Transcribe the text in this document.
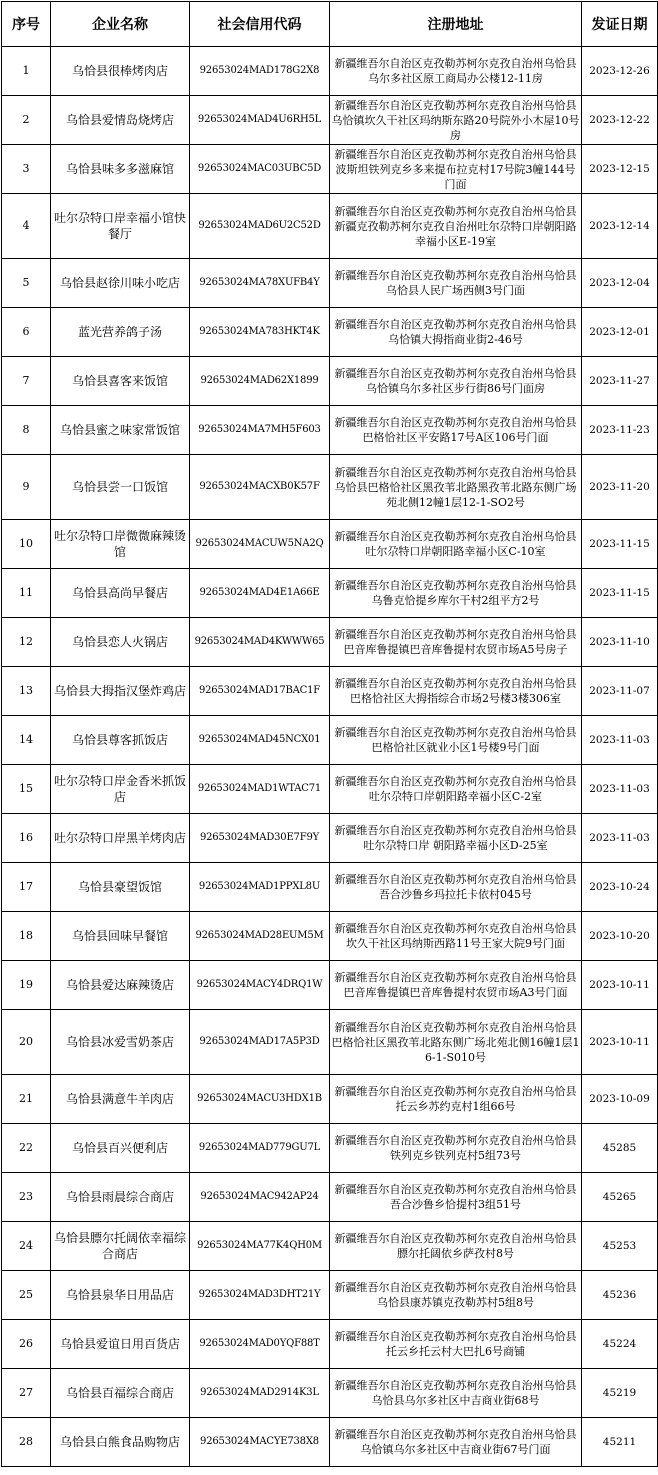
序号	企业名称	社会信用代码	注册地址	发证日期
1	乌恰县很棒烤肉店	92653024MAD178G2X8	新疆维吾尔自治区克孜勒苏柯尔克孜自治州乌恰县乌尔多社区原工商局办公楼12-11房	2023-12-26
2	乌恰县爱情岛烧烤店	92653024MAD4U6RH5L	新疆维吾尔自治区克孜勒苏柯尔克孜自治州乌恰县乌恰镇坎久干社区玛纳斯东路20号院外小木屋10号房	2023-12-22
3	乌恰县味多多滋麻馆	92653024MAC03UBC5D	新疆维吾尔自治区克孜勒苏柯尔克孜自治州乌恰县波斯坦铁列克乡多来提布拉克村17号院3幢144号门面	2023-12-15
4	吐尔尕特口岸幸福小馆快餐厅	92653024MAD6U2C52D	新疆维吾尔自治区克孜勒苏柯尔克孜自治州乌恰县新疆克孜勒苏柯尔克孜自治州吐尔尕特口岸朝阳路幸福小区E-19室	2023-12-14
5	乌恰县赵徐川味小吃店	92653024MA78XUFB4Y	新疆维吾尔自治区克孜勒苏柯尔克孜自治州乌恰县乌恰县人民广场西侧3号门面	2023-12-04
6	蓝光营养鸽子汤	92653024MA783HKT4K	新疆维吾尔自治区克孜勒苏柯尔克孜自治州乌恰县乌恰镇大拇指商业街2-46号	2023-12-01
7	乌恰县喜客来饭馆	92653024MAD62X1899	新疆维吾尔自治区克孜勒苏柯尔克孜自治州乌恰县乌恰镇乌尔多社区步行街86号门面房	2023-11-27
8	乌恰县蜜之味家常饭馆	92653024MA7MH5F603	新疆维吾尔自治区克孜勒苏柯尔克孜自治州乌恰县巴格恰社区平安路17号A区106号门面	2023-11-23
9	乌恰县尝一口饭馆	92653024MACXB0K57F	新疆维吾尔自治区克孜勒苏柯尔克孜自治州乌恰县乌恰县巴格恰社区黑孜苇北路黑孜苇北路东侧广场苑北侧12幢1层12-1-SO2号	2023-11-20
10	吐尔尕特口岸微微麻辣烫馆	92653024MACUW5NA2Q	新疆维吾尔自治区克孜勒苏柯尔克孜自治州乌恰县吐尔尕特口岸朝阳路幸福小区C-10室	2023-11-15
11	乌恰县高尚早餐店	92653024MAD4E1A66E	新疆维吾尔自治区克孜勒苏柯尔克孜自治州乌恰县乌鲁克恰提乡库尔干村2组平方2号	2023-11-15
12	乌恰县恋人火锅店	92653024MAD4KWWW65	新疆维吾尔自治区克孜勒苏柯尔克孜自治州乌恰县巴音库鲁提镇巴音库鲁提村农贸市场A5号房子	2023-11-10
13	乌恰县大拇指汉堡炸鸡店	92653024MAD17BAC1F	新疆维吾尔自治区克孜勒苏柯尔克孜自治州乌恰县巴格恰社区大拇指综合市场2号楼3楼306室	2023-11-07
14	乌恰县尊客抓饭店	92653024MAD45NCX01	新疆维吾尔自治区克孜勒苏柯尔克孜自治州乌恰县巴格恰社区就业小区1号楼9号门面	2023-11-03
15	吐尔尕特口岸金香米抓饭店	92653024MAD1WTAC71	新疆维吾尔自治区克孜勒苏柯尔克孜自治州乌恰县吐尔尕特口岸朝阳路幸福小区C-2室	2023-11-03
16	吐尔尕特口岸黑羊烤肉店	92653024MAD30E7F9Y	新疆维吾尔自治区克孜勒苏柯尔克孜自治州乌恰县吐尔尕特口岸 朝阳路幸福小区D-25室	2023-11-03
17	乌恰县豪望饭馆	92653024MAD1PPXL8U	新疆维吾尔自治区克孜勒苏柯尔克孜自治州乌恰县吾合沙鲁乡玛拉托卡依村045号	2023-10-24
18	乌恰县回味早餐馆	92653024MAD28EUM5M	新疆维吾尔自治区克孜勒苏柯尔克孜自治州乌恰县坎久干社区玛纳斯西路11号王家大院9号门面	2023-10-20
19	乌恰县爱达麻辣烫店	92653024MACY4DRQ1W	新疆维吾尔自治区克孜勒苏柯尔克孜自治州乌恰县巴音库鲁提镇巴音库鲁提村农贸市场A3号门面	2023-10-11
20	乌恰县冰爱雪奶茶店	92653024MAD17A5P3D	新疆维吾尔自治区克孜勒苏柯尔克孜自治州乌恰县巴格恰社区黑孜苇北路东侧广场北苑北侧16幢1层16-1-S010号	2023-10-11
21	乌恰县满意牛羊肉店	92653024MACU3HDX1B	新疆维吾尔自治区克孜勒苏柯尔克孜自治州乌恰县托云乡苏约克村1组66号	2023-10-09
22	乌恰县百兴便利店	92653024MAD779GU7L	新疆维吾尔自治区克孜勒苏柯尔克孜自治州乌恰县铁列克乡铁列克村5组73号	45285
23	乌恰县雨晨综合商店	92653024MAC942AP24	新疆维吾尔自治区克孜勒苏柯尔克孜自治州乌恰县吾合沙鲁乡恰提村3组51号	45265
24	乌恰县膘尔托阔依幸福综合商店	92653024MA77K4QH0M	新疆维吾尔自治区克孜勒苏柯尔克孜自治州乌恰县膘尔托阔依乡萨孜村8号	45253
25	乌恰县泉华日用品店	92653024MAD3DHT21Y	新疆维吾尔自治区克孜勒苏柯尔克孜自治州乌恰县乌恰县康苏镇克孜勒苏村5组8号	45236
26	乌恰县爱谊日用百货店	92653024MAD0YQF88T	新疆维吾尔自治区克孜勒苏柯尔克孜自治州乌恰县托云乡托云村大巴扎6号商铺	45224
27	乌恰县百福综合商店	92653024MAD2914K3L	新疆维吾尔自治区克孜勒苏柯尔克孜自治州乌恰县乌恰县乌尔多社区中吉商业街68号	45219
28	乌恰县白熊食品购物店	92653024MACYE738X8	新疆维吾尔自治区克孜勒苏柯尔克孜自治州乌恰县乌恰镇乌尔多社区中吉商业街67号门面	45211
